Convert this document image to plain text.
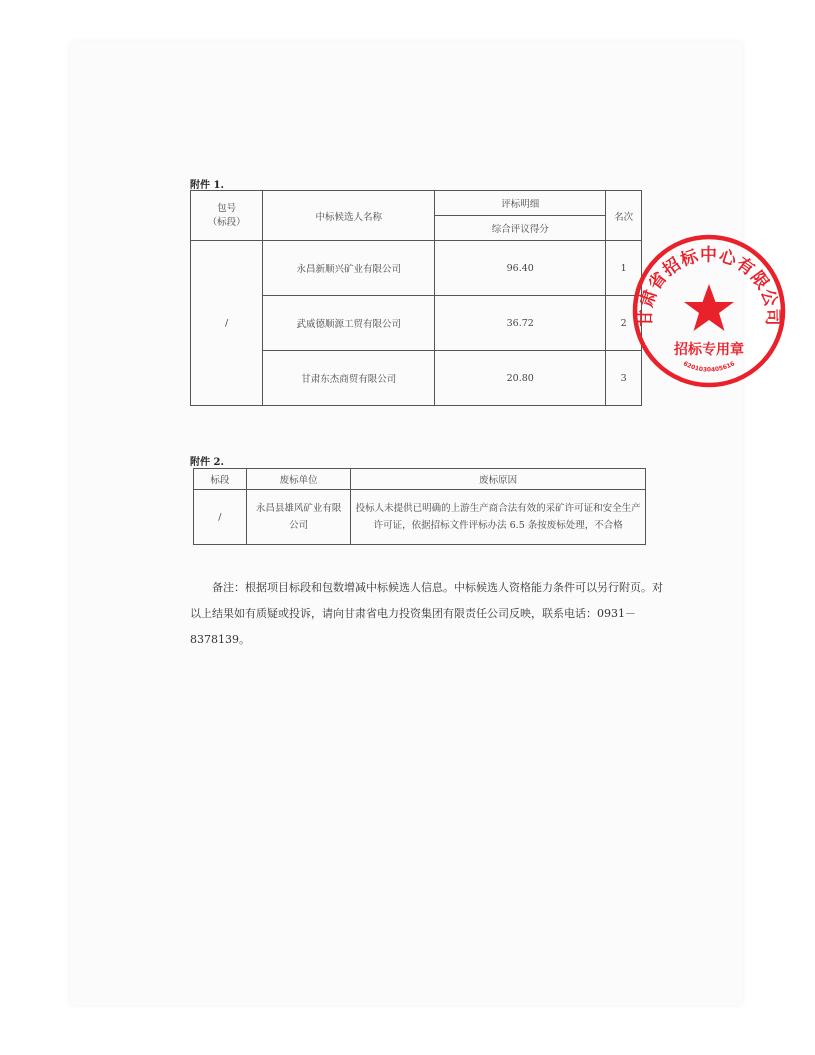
附件 1.
包号
（标段）	中标候选人名称	评标明细	名次
		综合评议得分	
/	永昌新顺兴矿业有限公司	96.40	1
	武威德顺源工贸有限公司	36.72	2
	甘肃东杰商贸有限公司	20.80	3
附件 2.
标段	废标单位	废标原因
/	永昌县雄风矿业有限公司	投标人未提供已明确的上游生产商合法有效的采矿许可证和安全生产许可证，依据招标文件评标办法 6.5 条按废标处理，不合格
备注：根据项目标段和包数增减中标候选人信息。中标候选人资格能力条件可以另行附页。对以上结果如有质疑或投诉，请向甘肃省电力投资集团有限责任公司反映，联系电话：0931－8378139。
甘肃省招标中心有限公司
招标专用章
6201030405616
